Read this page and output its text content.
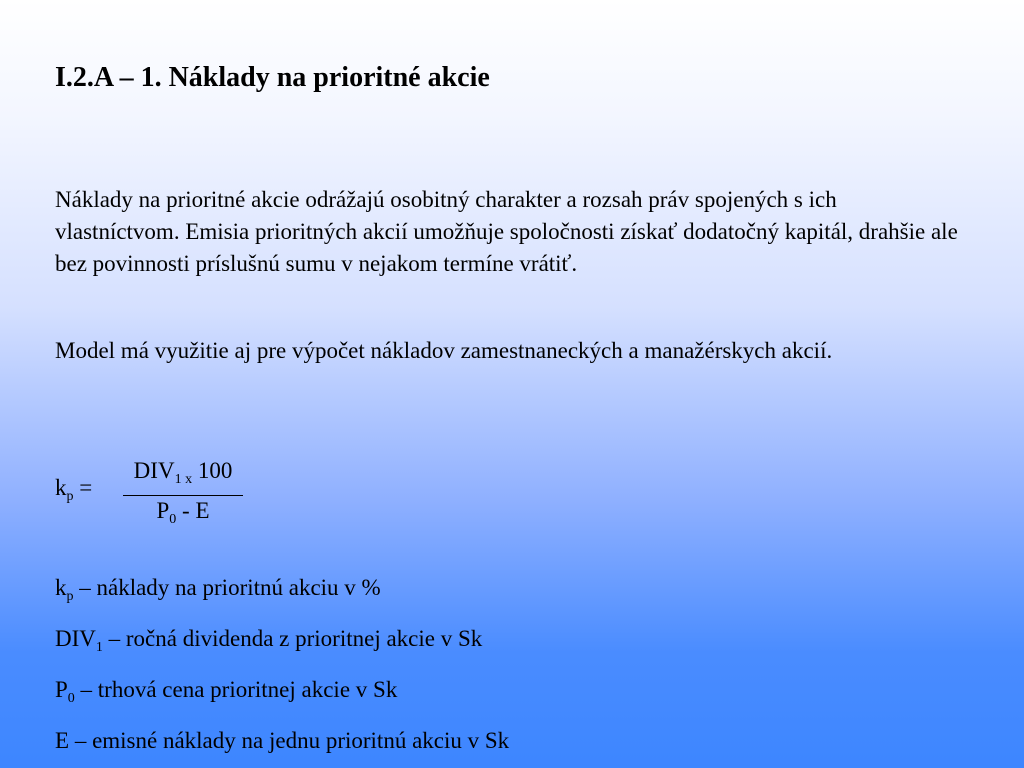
I.2.A – 1. Náklady na prioritné akcie

Náklady na prioritné akcie odrážajú osobitný charakter a rozsah práv spojených s ich vlastníctvom. Emisia prioritných akcií umožňuje spoločnosti získať dodatočný kapitál, drahšie ale bez povinnosti príslušnú sumu v nejakom termíne vrátiť.

Model má využitie aj pre výpočet nákladov zamestnaneckých a manažérskych akcií.

$k_p$ =
$DIV_{1 x}$ 100
$P_0$ - E

$k_p$ – náklady na prioritnú akciu v %

$DIV_1$ – ročná dividenda z prioritnej akcie v Sk

$P_0$ – trhová cena prioritnej akcie v Sk

E – emisné náklady na jednu prioritnú akciu v Sk
